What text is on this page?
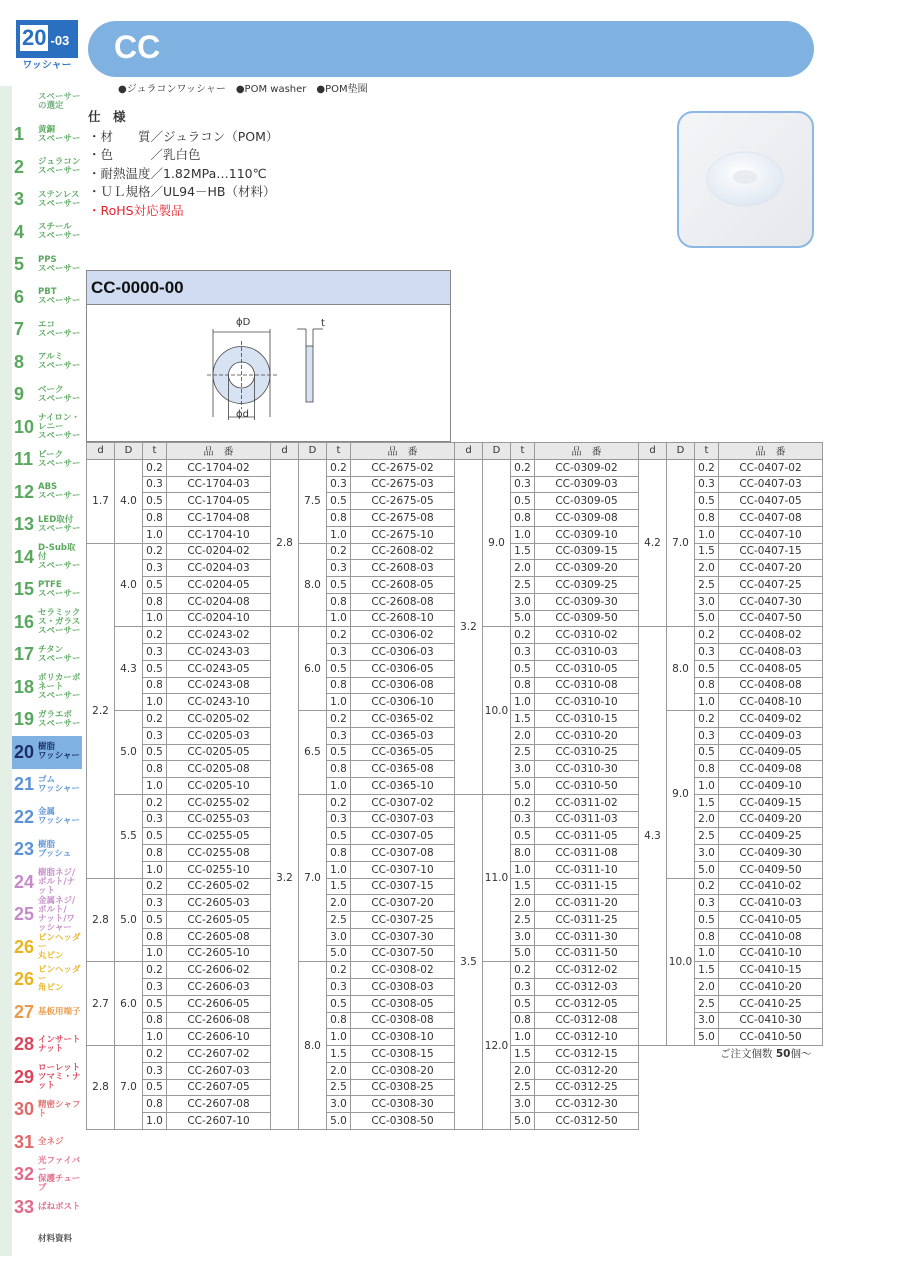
20 -03
ワッシャー
CC
●ジュラコンワッシャー　●POM washer　●POM垫圈
スペーサー
の選定
1	黄銅
スペーサー
2	ジュラコン
スペーサー
3	ステンレス
スペーサー
4	スチール
スペーサー
5	PPS
スペーサー
6	PBT
スペーサー
7	エコ
スペーサー
8	アルミ
スペーサー
9	ベーク
スペーサー
10 ナイロン・レニー
スペーサー
11 ピーク
スペーサー
12 ABS
スペーサー
13 LED取付
スペーサー
14 D-Sub取付
スペーサー
15 PTFE
スペーサー
16 セラミックス・ガラス
スペーサー
17 チタン
スペーサー
18 ポリカーボネート
スペーサー
19 ガラエポ
スペーサー
20 樹脂
ワッシャー
21 ゴム
ワッシャー
22 金属
ワッシャー
23 樹脂
ブッシュ
24 樹脂ネジ/
ボルト/ナット
25
金属ネジ/ボルト/
ナット/ワッシャー
26 ピンヘッダー
丸ピン
26 ピンヘッダー
角ピン
27 基板用端子
28 インサート
ナット
29 ローレット
ツマミ・ナット
30 精密シャフト
31 全ネジ
32
光ファイバー
保護チューブ
33 ばねポスト
材料資料
仕　様
・材　　質／ジュラコン（POM）
・色　　　／乳白色
・耐熱温度／1.82MPa…110℃
・ＵＬ規格／UL94－HB（材料）
・RoHS対応製品
CC-0000-00
ϕD
ϕd
t
d	D	t	品　番	d	D	t	品　番	d	D	t	品　番	d	D	t	品　番
1.7	4.0	0.2	CC-1704-02	2.8	7.5	0.2	CC-2675-02	3.2	9.0	0.2	CC-0309-02	4.2	7.0	0.2	CC-0407-02
		0.3	CC-1704-03			0.3	CC-2675-03			0.3	CC-0309-03			0.3	CC-0407-03
		0.5	CC-1704-05			0.5	CC-2675-05			0.5	CC-0309-05			0.5	CC-0407-05
		0.8	CC-1704-08			0.8	CC-2675-08			0.8	CC-0309-08			0.8	CC-0407-08
		1.0	CC-1704-10			1.0	CC-2675-10			1.0	CC-0309-10			1.0	CC-0407-10
2.2	4.0	0.2	CC-0204-02		8.0	0.2	CC-2608-02			1.5	CC-0309-15			1.5	CC-0407-15
		0.3	CC-0204-03			0.3	CC-2608-03			2.0	CC-0309-20			2.0	CC-0407-20
		0.5	CC-0204-05			0.5	CC-2608-05			2.5	CC-0309-25			2.5	CC-0407-25
		0.8	CC-0204-08			0.8	CC-2608-08			3.0	CC-0309-30			3.0	CC-0407-30
		1.0	CC-0204-10			1.0	CC-2608-10			5.0	CC-0309-50			5.0	CC-0407-50
	4.3	0.2	CC-0243-02	3.2	6.0	0.2	CC-0306-02		10.0	0.2	CC-0310-02	4.3	8.0	0.2	CC-0408-02
		0.3	CC-0243-03			0.3	CC-0306-03			0.3	CC-0310-03			0.3	CC-0408-03
		0.5	CC-0243-05			0.5	CC-0306-05			0.5	CC-0310-05			0.5	CC-0408-05
		0.8	CC-0243-08			0.8	CC-0306-08			0.8	CC-0310-08			0.8	CC-0408-08
		1.0	CC-0243-10			1.0	CC-0306-10			1.0	CC-0310-10			1.0	CC-0408-10
	5.0	0.2	CC-0205-02		6.5	0.2	CC-0365-02			1.5	CC-0310-15		9.0	0.2	CC-0409-02
		0.3	CC-0205-03			0.3	CC-0365-03			2.0	CC-0310-20			0.3	CC-0409-03
		0.5	CC-0205-05			0.5	CC-0365-05			2.5	CC-0310-25			0.5	CC-0409-05
		0.8	CC-0205-08			0.8	CC-0365-08			3.0	CC-0310-30			0.8	CC-0409-08
		1.0	CC-0205-10			1.0	CC-0365-10			5.0	CC-0310-50			1.0	CC-0409-10
	5.5	0.2	CC-0255-02		7.0	0.2	CC-0307-02	3.5	11.0	0.2	CC-0311-02			1.5	CC-0409-15
		0.3	CC-0255-03			0.3	CC-0307-03			0.3	CC-0311-03			2.0	CC-0409-20
		0.5	CC-0255-05			0.5	CC-0307-05			0.5	CC-0311-05			2.5	CC-0409-25
		0.8	CC-0255-08			0.8	CC-0307-08			8.0	CC-0311-08			3.0	CC-0409-30
		1.0	CC-0255-10			1.0	CC-0307-10			1.0	CC-0311-10			5.0	CC-0409-50
2.8	5.0	0.2	CC-2605-02			1.5	CC-0307-15			1.5	CC-0311-15		10.0	0.2	CC-0410-02
		0.3	CC-2605-03			2.0	CC-0307-20			2.0	CC-0311-20			0.3	CC-0410-03
		0.5	CC-2605-05			2.5	CC-0307-25			2.5	CC-0311-25			0.5	CC-0410-05
		0.8	CC-2605-08			3.0	CC-0307-30			3.0	CC-0311-30			0.8	CC-0410-08
		1.0	CC-2605-10			5.0	CC-0307-50			5.0	CC-0311-50			1.0	CC-0410-10
2.7	6.0	0.2	CC-2606-02		8.0	0.2	CC-0308-02		12.0	0.2	CC-0312-02			1.5	CC-0410-15
		0.3	CC-2606-03			0.3	CC-0308-03			0.3	CC-0312-03			2.0	CC-0410-20
		0.5	CC-2606-05			0.5	CC-0308-05			0.5	CC-0312-05			2.5	CC-0410-25
		0.8	CC-2606-08			0.8	CC-0308-08			0.8	CC-0312-08			3.0	CC-0410-30
		1.0	CC-2606-10			1.0	CC-0308-10			1.0	CC-0312-10			5.0	CC-0410-50
2.8	7.0	0.2	CC-2607-02			1.5	CC-0308-15			1.5	CC-0312-15				
		0.3	CC-2607-03			2.0	CC-0308-20			2.0	CC-0312-20				
		0.5	CC-2607-05			2.5	CC-0308-25			2.5	CC-0312-25				
		0.8	CC-2607-08			3.0	CC-0308-30			3.0	CC-0312-30				
		1.0	CC-2607-10			5.0	CC-0308-50			5.0	CC-0312-50				
ご注文個数 50個～
